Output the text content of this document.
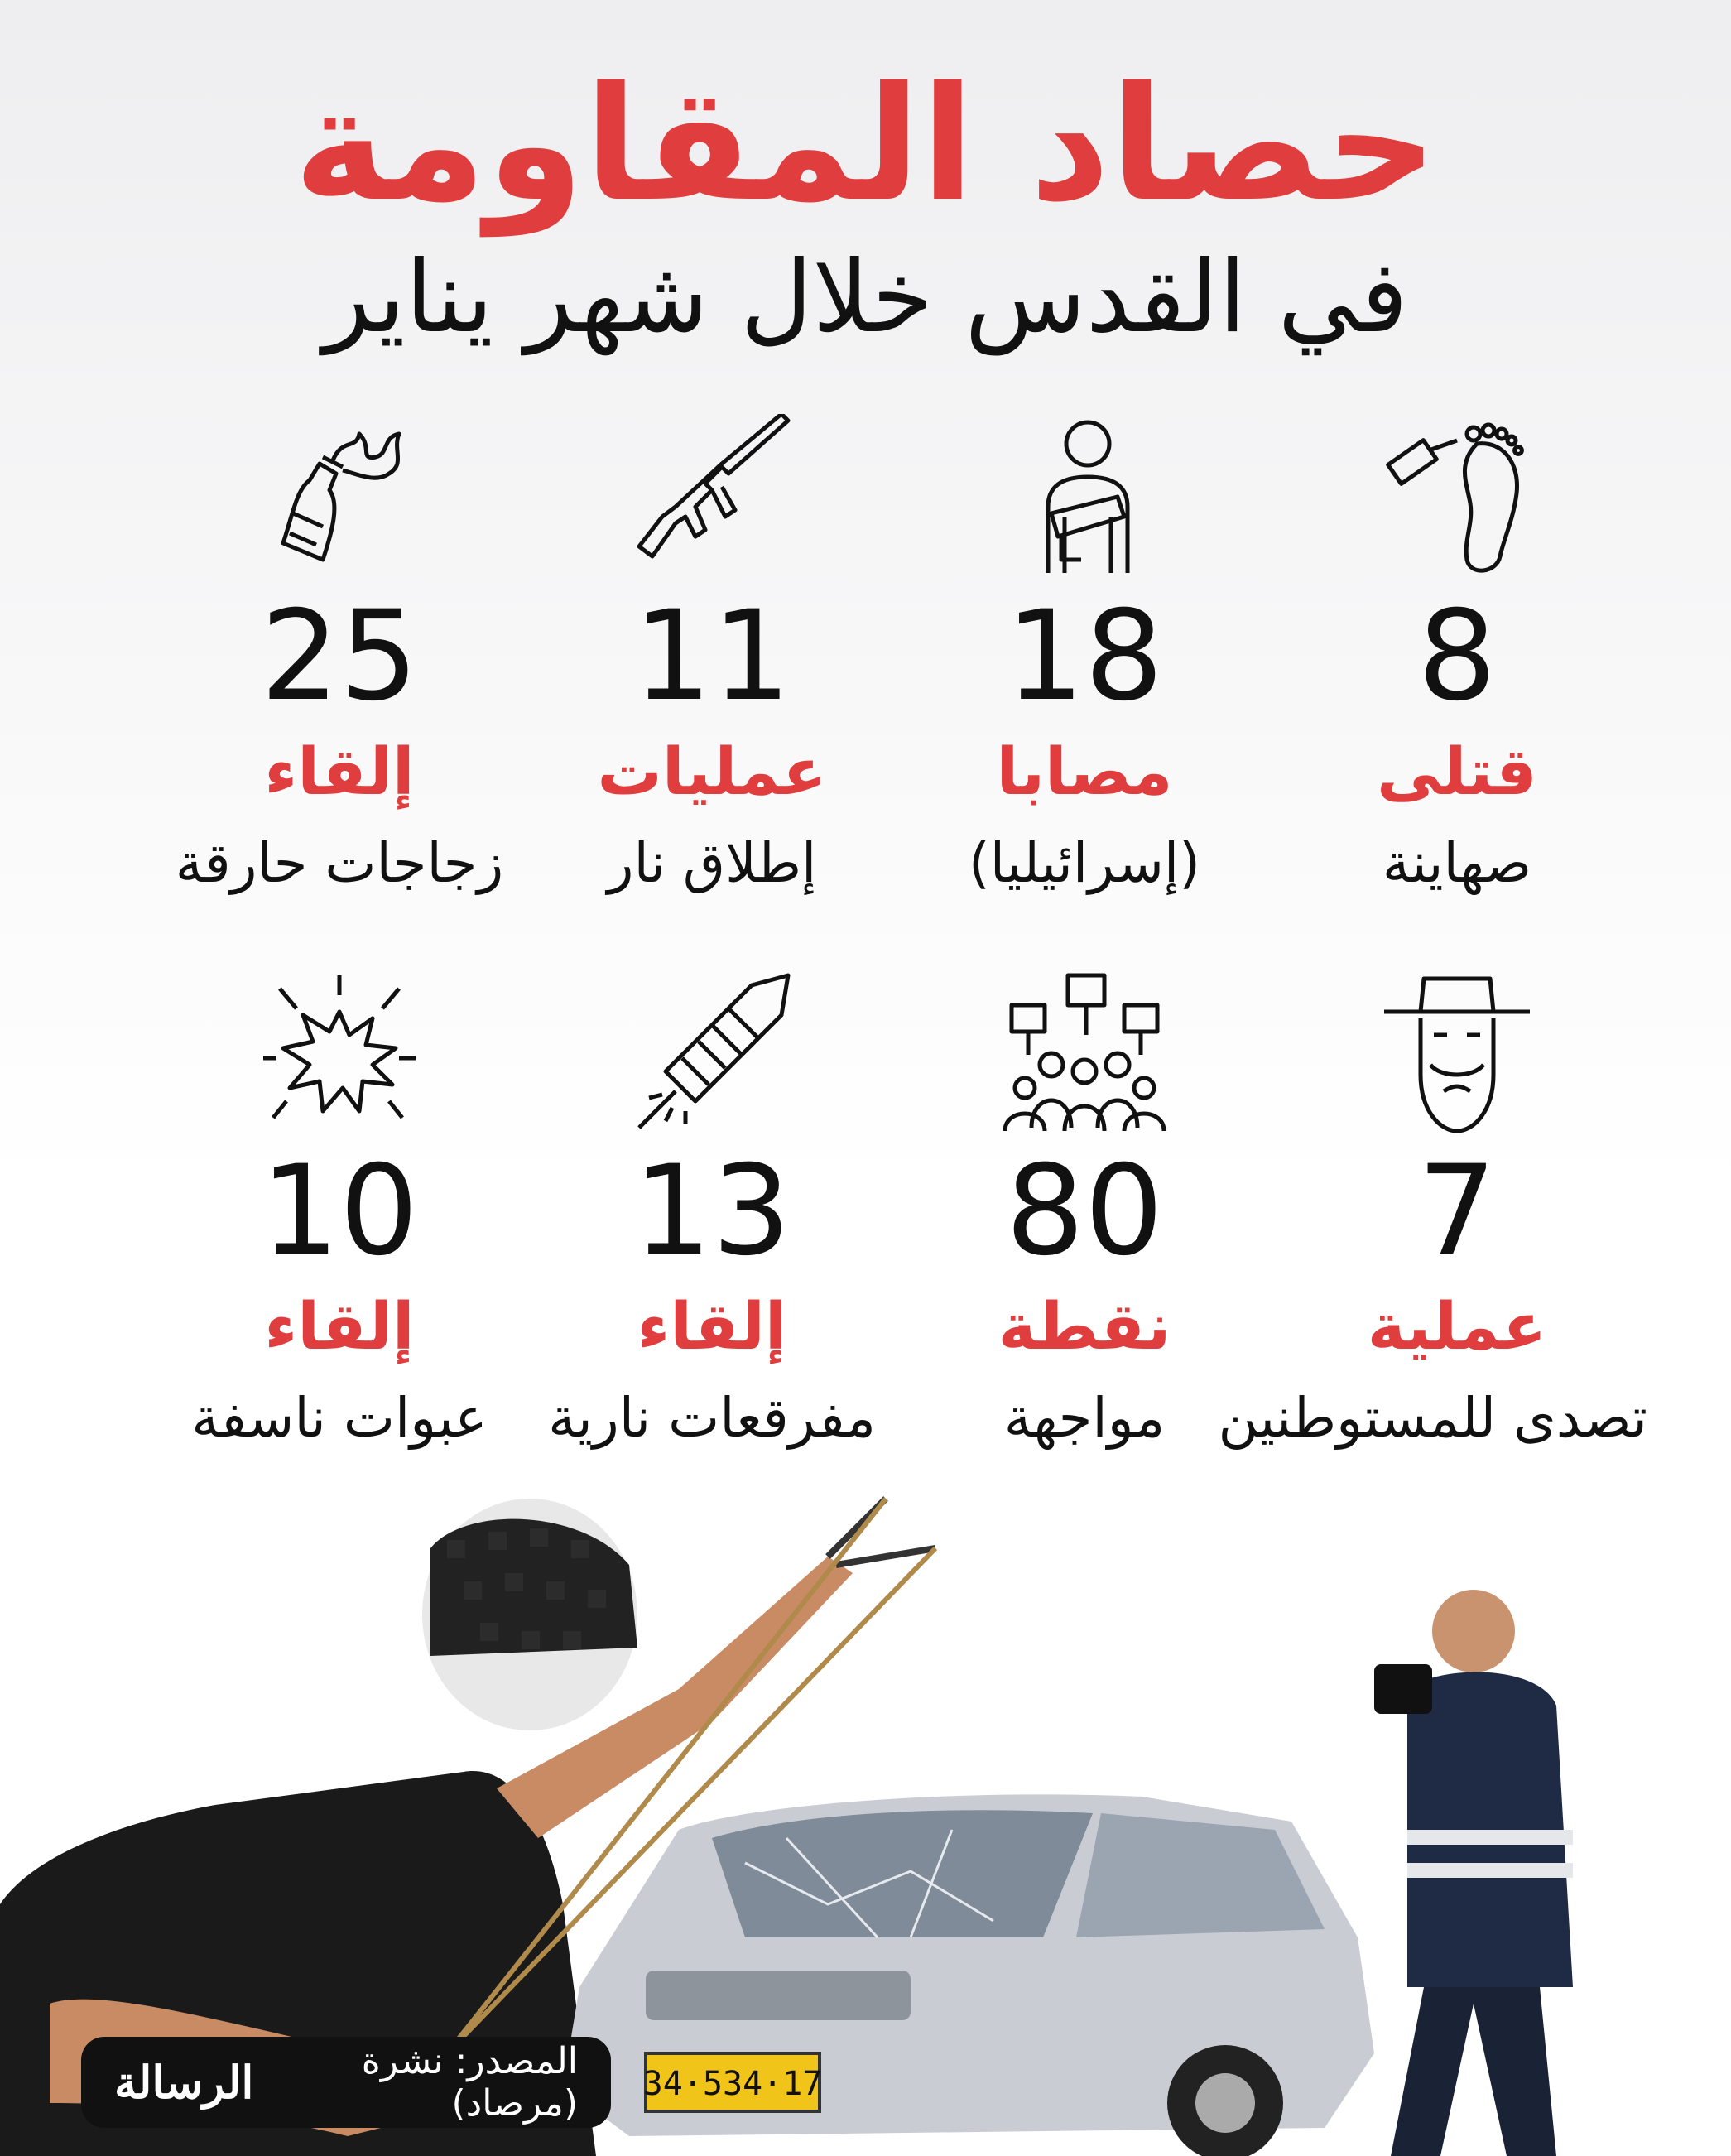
حصاد المقاومة
في القدس خلال شهر يناير
8
قتلى
صهاينة
18
مصابا
(إسرائيليا)
11
عمليات
إطلاق نار
25
إلقاء
زجاجات حارقة
7
عملية
تصدى للمستوطنين
80
نقطة
مواجهة
13
إلقاء
مفرقعات نارية
10
إلقاء
عبوات ناسفة
34·534·17
المصدر: نشرة (مرصاد)
الرسالة
